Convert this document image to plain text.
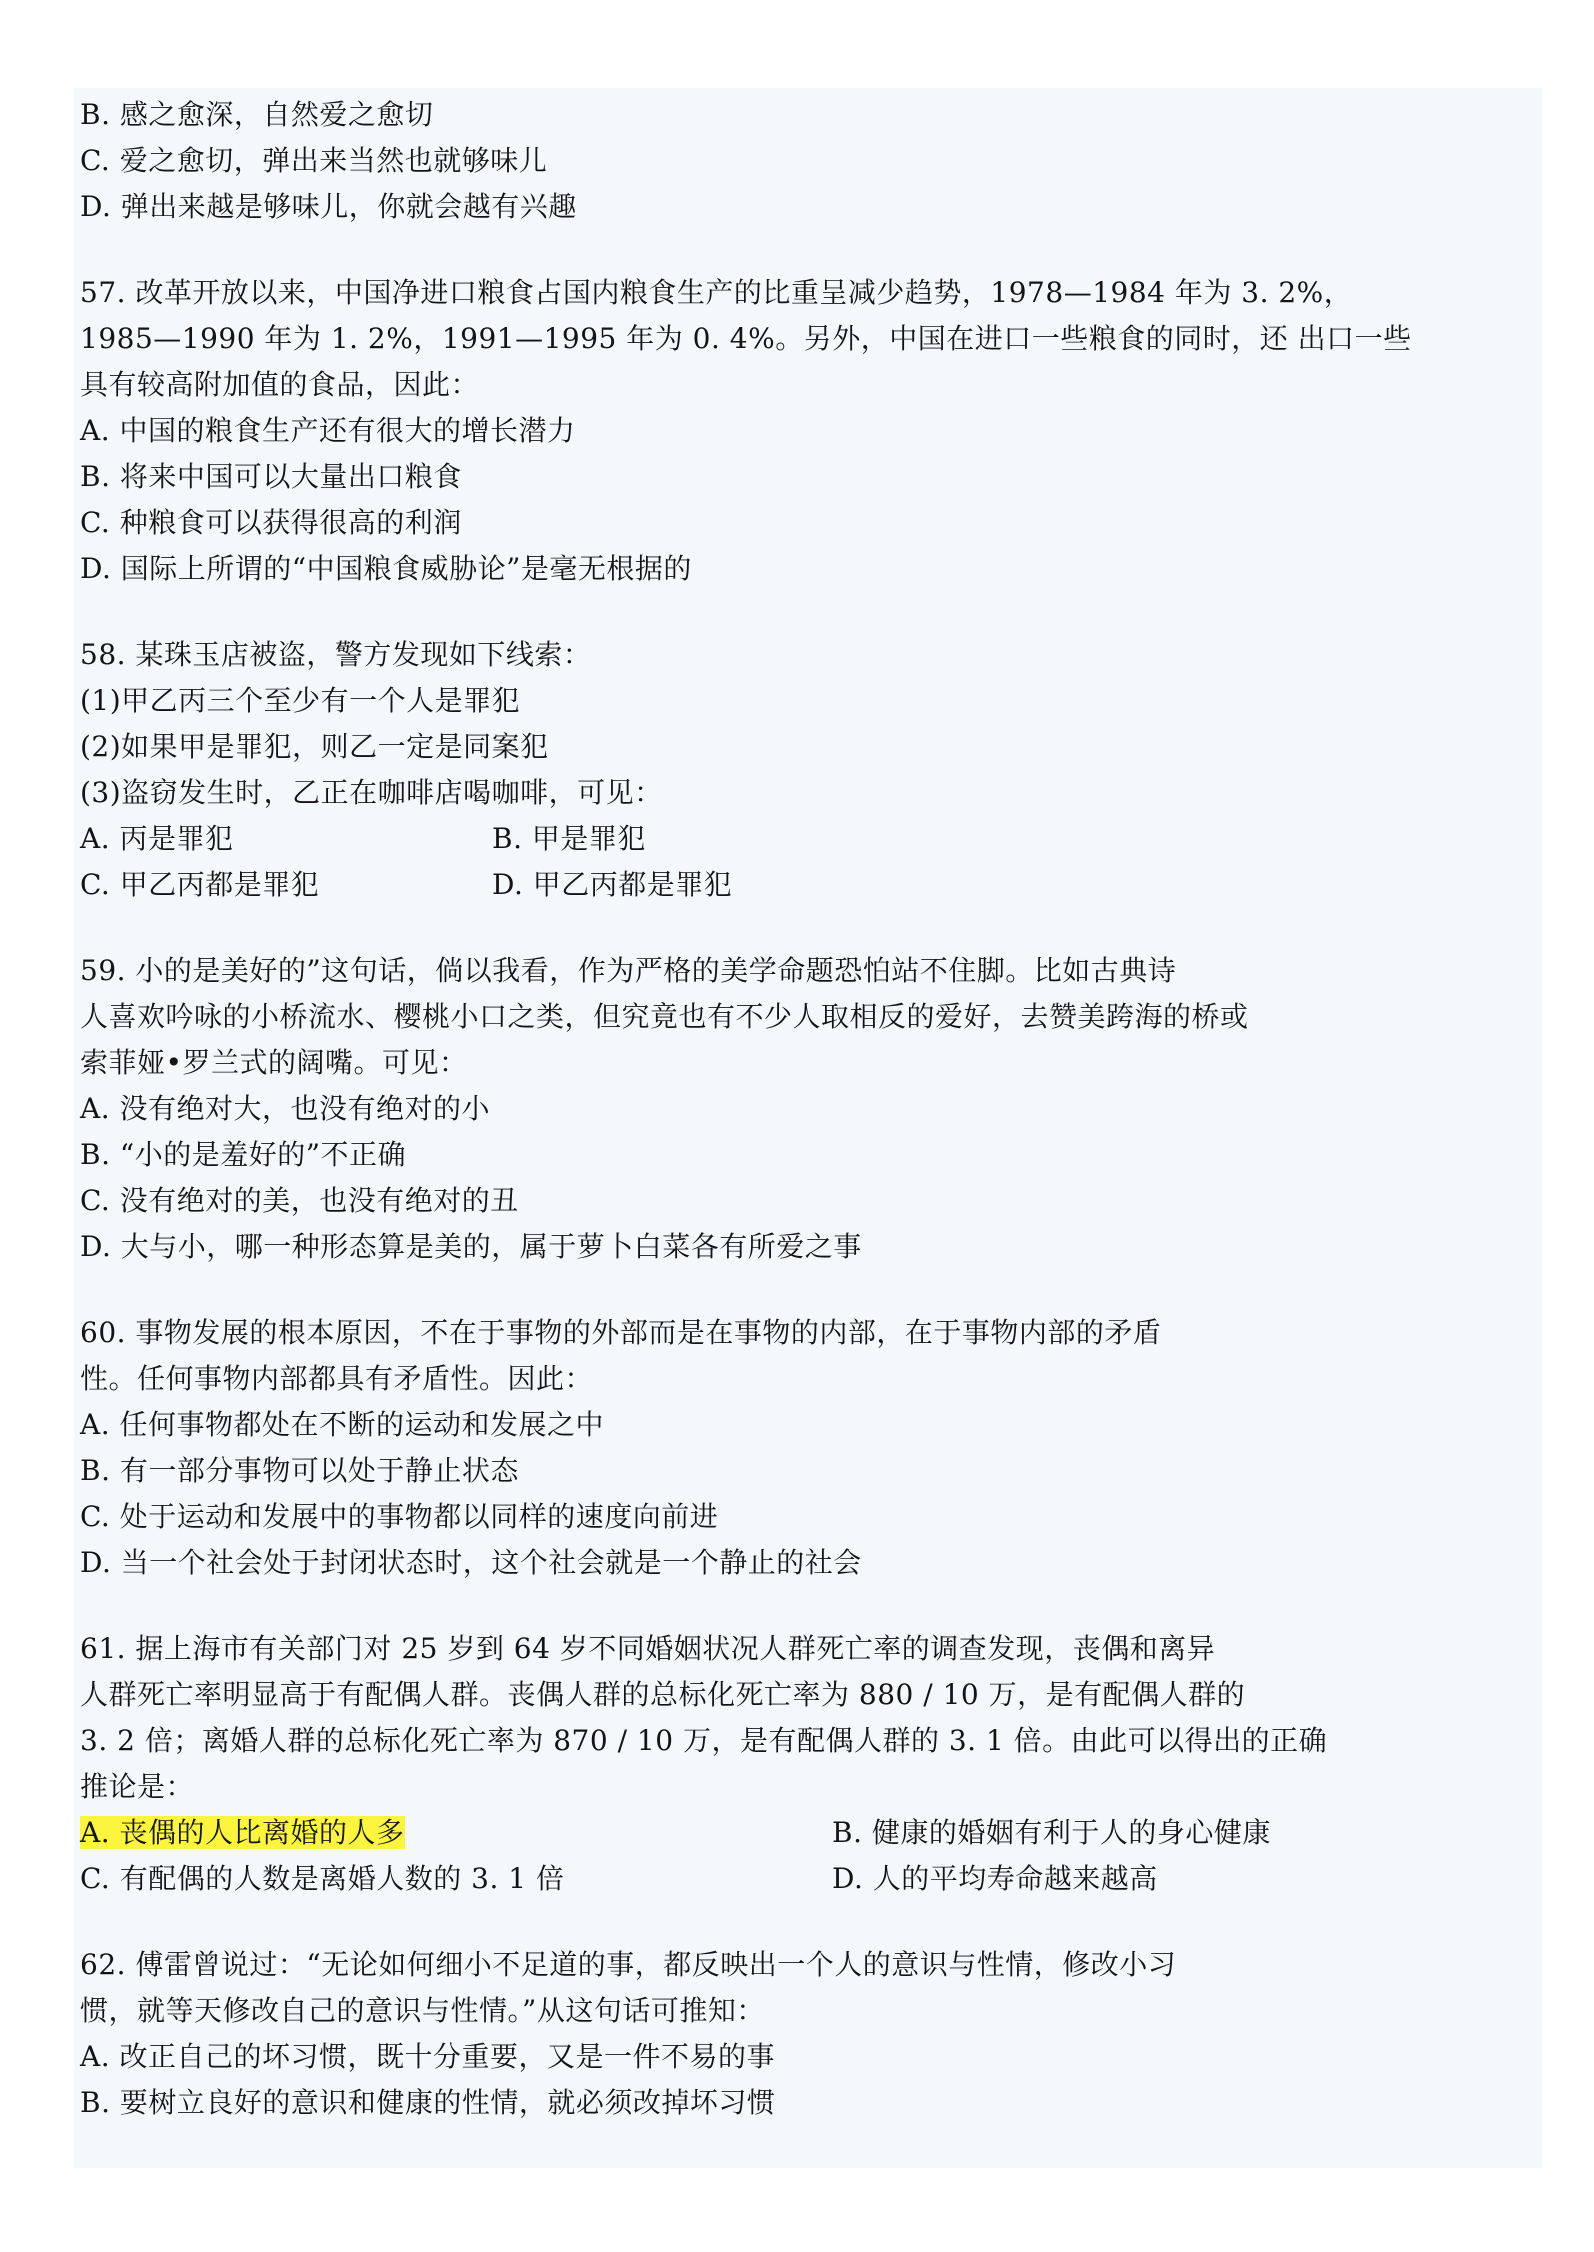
B. 感之愈深，自然爱之愈切
C. 爱之愈切，弹出来当然也就够味儿
D. 弹出来越是够味儿，你就会越有兴趣
57. 改革开放以来，中国净进口粮食占国内粮食生产的比重呈减少趋势，1978—1984 年为 3. 2%，
1985—1990 年为 1. 2%，1991—1995 年为 0. 4%。另外，中国在进口一些粮食的同时，还 出口一些
具有较高附加值的食品，因此：
A. 中国的粮食生产还有很大的增长潜力
B. 将来中国可以大量出口粮食
C. 种粮食可以获得很高的利润
D. 国际上所谓的“中国粮食威胁论”是毫无根据的
58. 某珠玉店被盗，警方发现如下线索：
(1)甲乙丙三个至少有一个人是罪犯
(2)如果甲是罪犯，则乙一定是同案犯
(3)盗窃发生时，乙正在咖啡店喝咖啡，可见：
A. 丙是罪犯	B. 甲是罪犯
C. 甲乙丙都是罪犯	D. 甲乙丙都是罪犯
59. 小的是美好的”这句话，倘以我看，作为严格的美学命题恐怕站不住脚。比如古典诗
人喜欢吟咏的小桥流水、樱桃小口之类，但究竟也有不少人取相反的爱好，去赞美跨海的桥或
索菲娅•罗兰式的阔嘴。可见：
A. 没有绝对大，也没有绝对的小
B. “小的是羞好的”不正确
C. 没有绝对的美，也没有绝对的丑
D. 大与小，哪一种形态算是美的，属于萝卜白菜各有所爱之事
60. 事物发展的根本原因，不在于事物的外部而是在事物的内部，在于事物内部的矛盾
性。任何事物内部都具有矛盾性。因此：
A. 任何事物都处在不断的运动和发展之中
B. 有一部分事物可以处于静止状态
C. 处于运动和发展中的事物都以同样的速度向前进
D. 当一个社会处于封闭状态时，这个社会就是一个静止的社会
61. 据上海市有关部门对 25 岁到 64 岁不同婚姻状况人群死亡率的调查发现，丧偶和离异
人群死亡率明显高于有配偶人群。丧偶人群的总标化死亡率为 880 / 10 万，是有配偶人群的
3. 2 倍；离婚人群的总标化死亡率为 870 / 10 万，是有配偶人群的 3. 1 倍。由此可以得出的正确
推论是：
A. 丧偶的人比离婚的人多	B. 健康的婚姻有利于人的身心健康
C. 有配偶的人数是离婚人数的 3. 1 倍	D. 人的平均寿命越来越高
62. 傅雷曾说过：“无论如何细小不足道的事，都反映出一个人的意识与性情，修改小习
惯，就等天修改自己的意识与性情。”从这句话可推知：
A. 改正自己的坏习惯，既十分重要，又是一件不易的事
B. 要树立良好的意识和健康的性情，就必须改掉坏习惯
